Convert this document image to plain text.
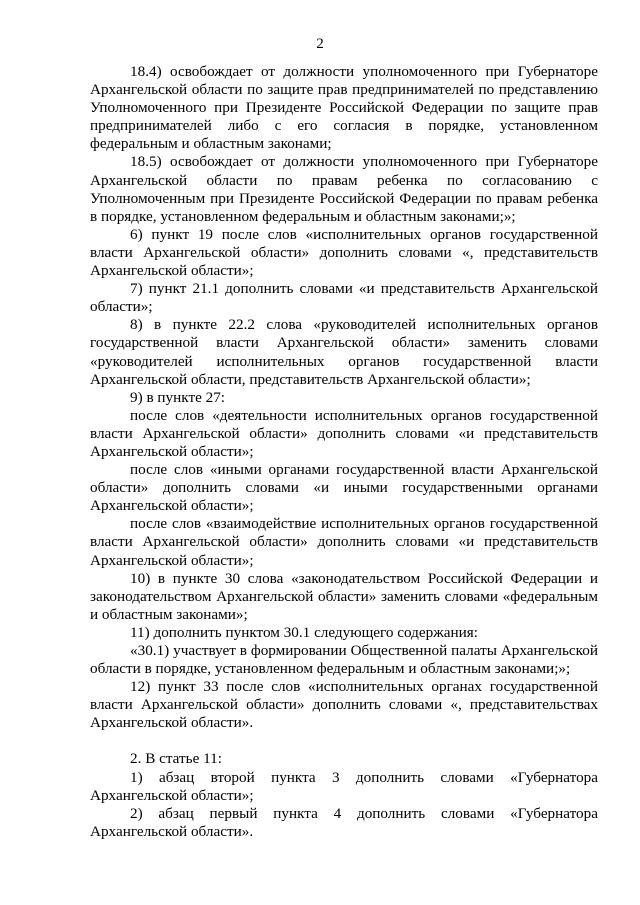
2

18.4) освобождает от должности уполномоченного при Губернаторе Архангельской области по защите прав предпринимателей по представлению Уполномоченного при Президенте Российской Федерации по защите прав предпринимателей либо с его согласия в порядке, установленном федеральным и областным законами;

18.5) освобождает от должности уполномоченного при Губернаторе Архангельской области по правам ребенка по согласованию с Уполномоченным при Президенте Российской Федерации по правам ребенка в порядке, установленном федеральным и областным законами;»;

6) пункт 19 после слов «исполнительных органов государственной власти Архангельской области» дополнить словами «, представительств Архангельской области»;

7) пункт 21.1 дополнить словами «и представительств Архангельской области»;

8) в пункте 22.2 слова «руководителей исполнительных органов государственной власти Архангельской области» заменить словами «руководителей исполнительных органов государственной власти Архангельской области, представительств Архангельской области»;

9) в пункте 27:

после слов «деятельности исполнительных органов государственной власти Архангельской области» дополнить словами «и представительств Архангельской области»;

после слов «иными органами государственной власти Архангельской области» дополнить словами «и иными государственными органами Архангельской области»;

после слов «взаимодействие исполнительных органов государственной власти Архангельской области» дополнить словами «и представительств Архангельской области»;

10) в пункте 30 слова «законодательством Российской Федерации и законодательством Архангельской области» заменить словами «федеральным и областным законами»;

11) дополнить пунктом 30.1 следующего содержания:

«30.1) участвует в формировании Общественной палаты Архангельской области в порядке, установленном федеральным и областным законами;»;

12) пункт 33 после слов «исполнительных органах государственной власти Архангельской области» дополнить словами «, представительствах Архангельской области».

2. В статье 11:

1) абзац второй пункта 3 дополнить словами «Губернатора Архангельской области»;

2) абзац первый пункта 4 дополнить словами «Губернатора Архангельской области».
